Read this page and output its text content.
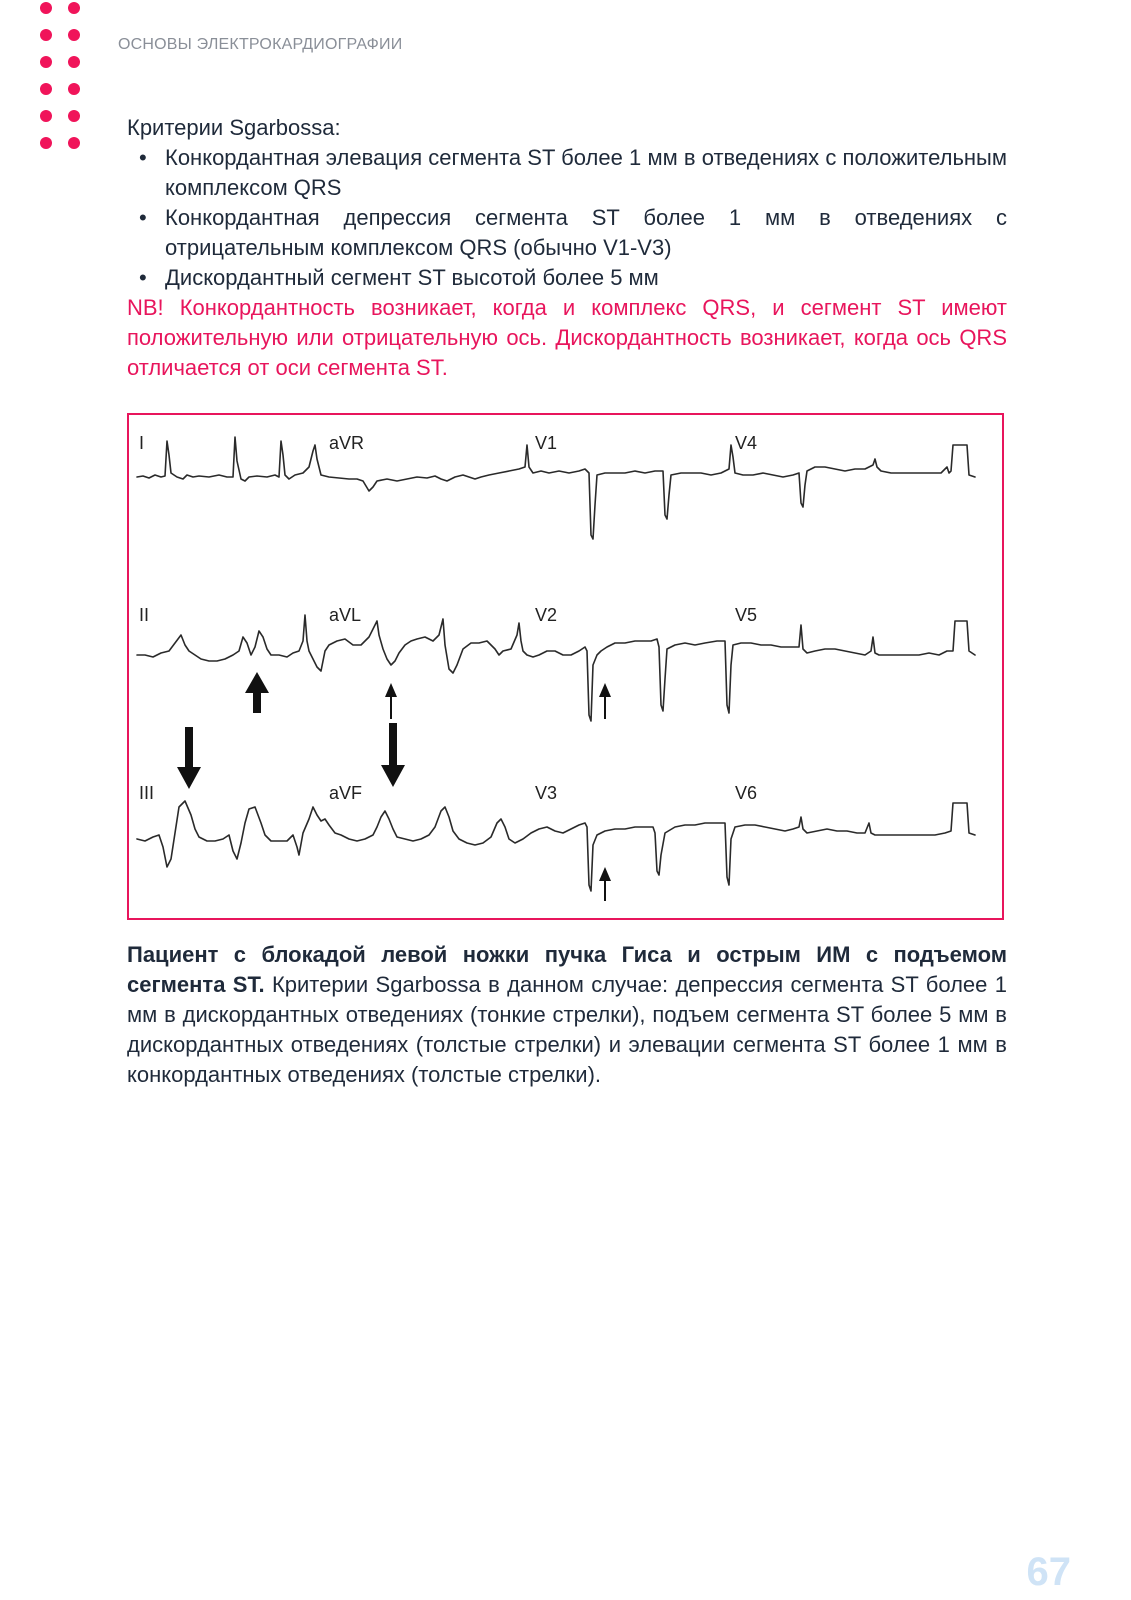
ОСНОВЫ ЭЛЕКТРОКАРДИОГРАФИИ

Критерии Sgarbossa:

• Конкордантная элевация сегмента ST более 1 мм в отведениях с положительным комплексом QRS
• Конкордантная депрессия сегмента ST более 1 мм в отведениях с отрицательным комплексом QRS (обычно V1-V3)
• Дискордантный сегмент ST высотой более 5 мм

NB! Конкордантность возникает, когда и комплекс QRS, и сегмент ST имеют положительную или отрицательную ось. Дискордантность возникает, когда ось QRS отличается от оси сегмента ST.

I	aVR	V1	V4
II	aVL	V2	V5
III	aVF	V3	V6
Пациент с блокадой левой ножки пучка Гиса и острым ИМ с подъемом сегмента ST. Критерии Sgarbossa в данном случае: депрессия сегмента ST более 1 мм в дискордантных отведениях (тонкие стрелки), подъем сегмента ST более 5 мм в дискордантных отведениях (толстые стрелки) и элевации сегмента ST более 1 мм в конкордантных отведениях (толстые стрелки).
67
